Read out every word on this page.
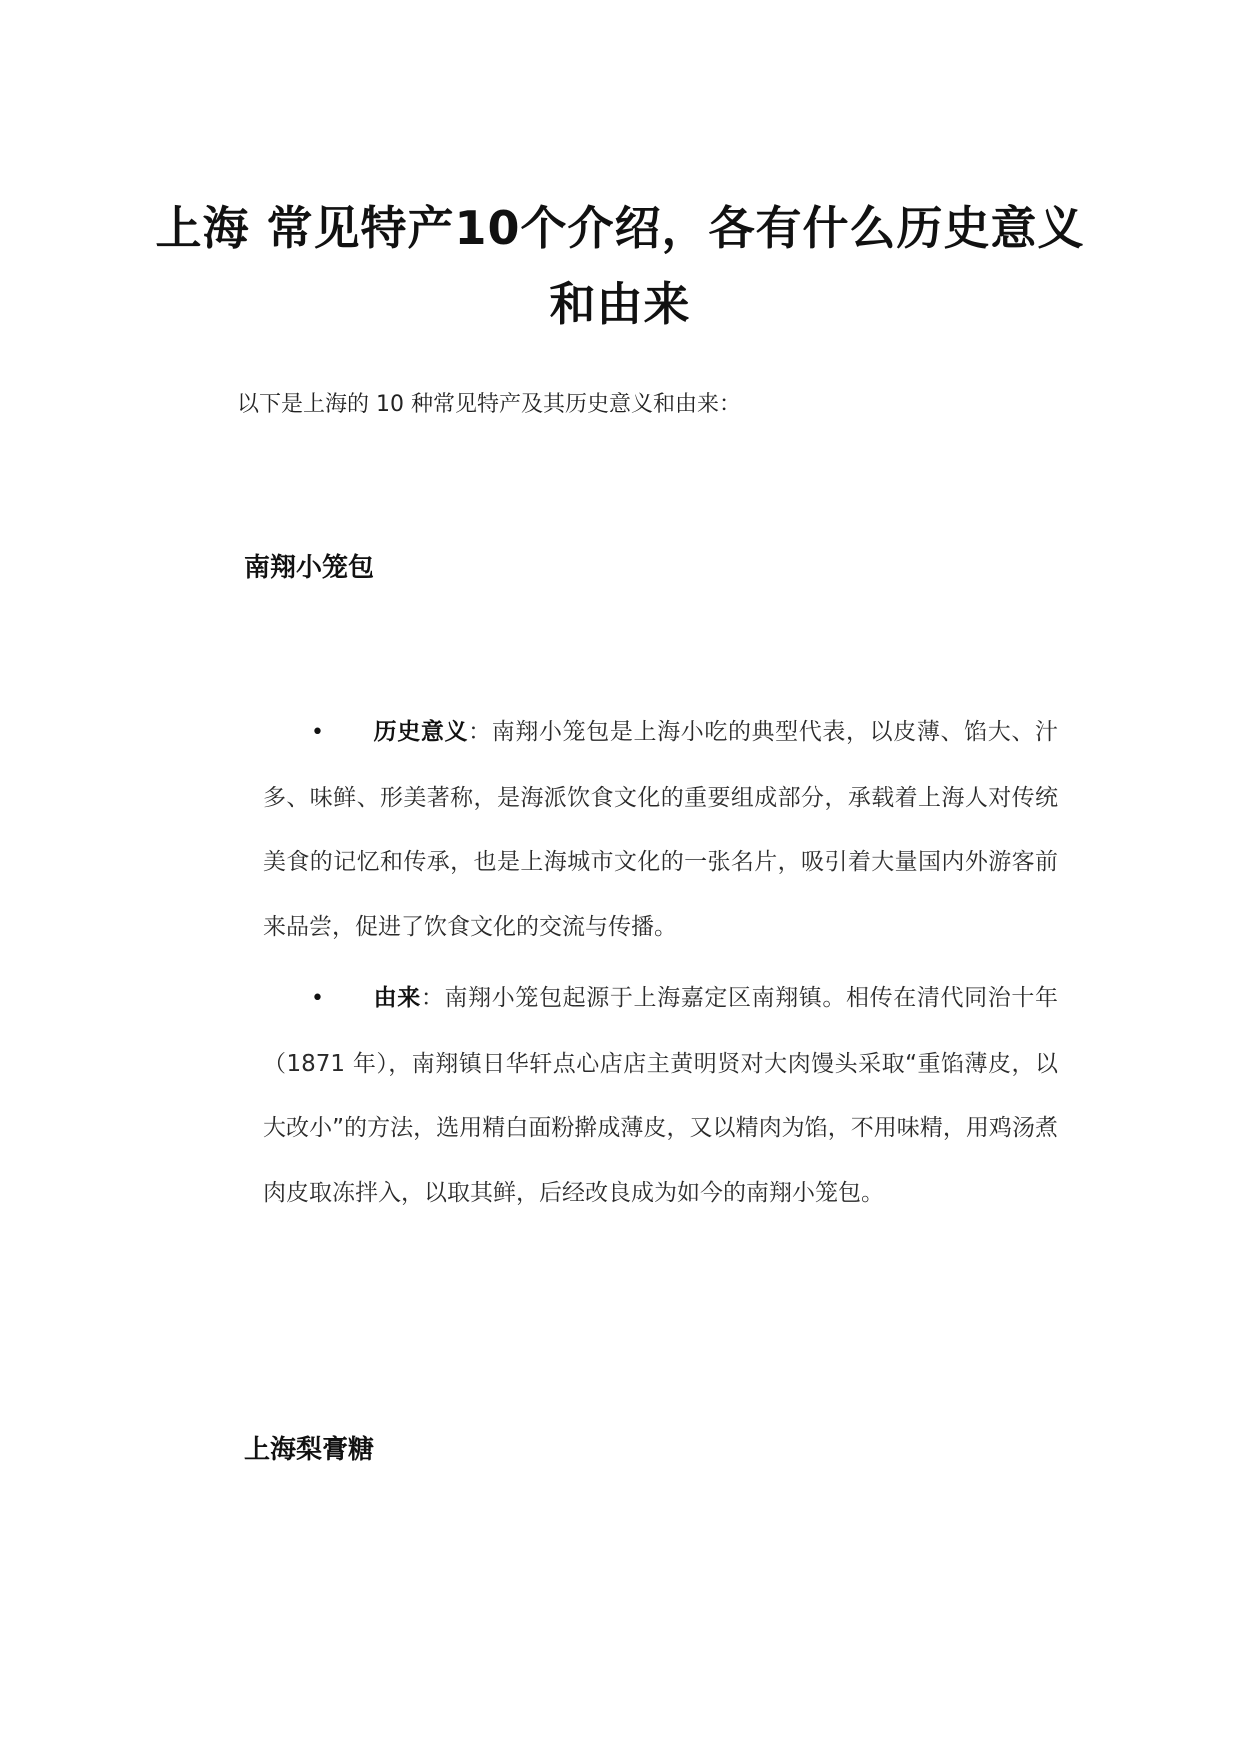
上海 常见特产10个介绍，各有什么历史意义和由来
以下是上海的 10 种常见特产及其历史意义和由来：
南翔小笼包
• 历史意义：南翔小笼包是上海小吃的典型代表，以皮薄、馅大、汁多、味鲜、形美著称，是海派饮食文化的重要组成部分，承载着上海人对传统美食的记忆和传承，也是上海城市文化的一张名片，吸引着大量国内外游客前来品尝，促进了饮食文化的交流与传播。
• 由来：南翔小笼包起源于上海嘉定区南翔镇。相传在清代同治十年（1871 年），南翔镇日华轩点心店店主黄明贤对大肉馒头采取“重馅薄皮，以大改小”的方法，选用精白面粉擀成薄皮，又以精肉为馅，不用味精，用鸡汤煮肉皮取冻拌入，以取其鲜，后经改良成为如今的南翔小笼包。
上海梨膏糖
